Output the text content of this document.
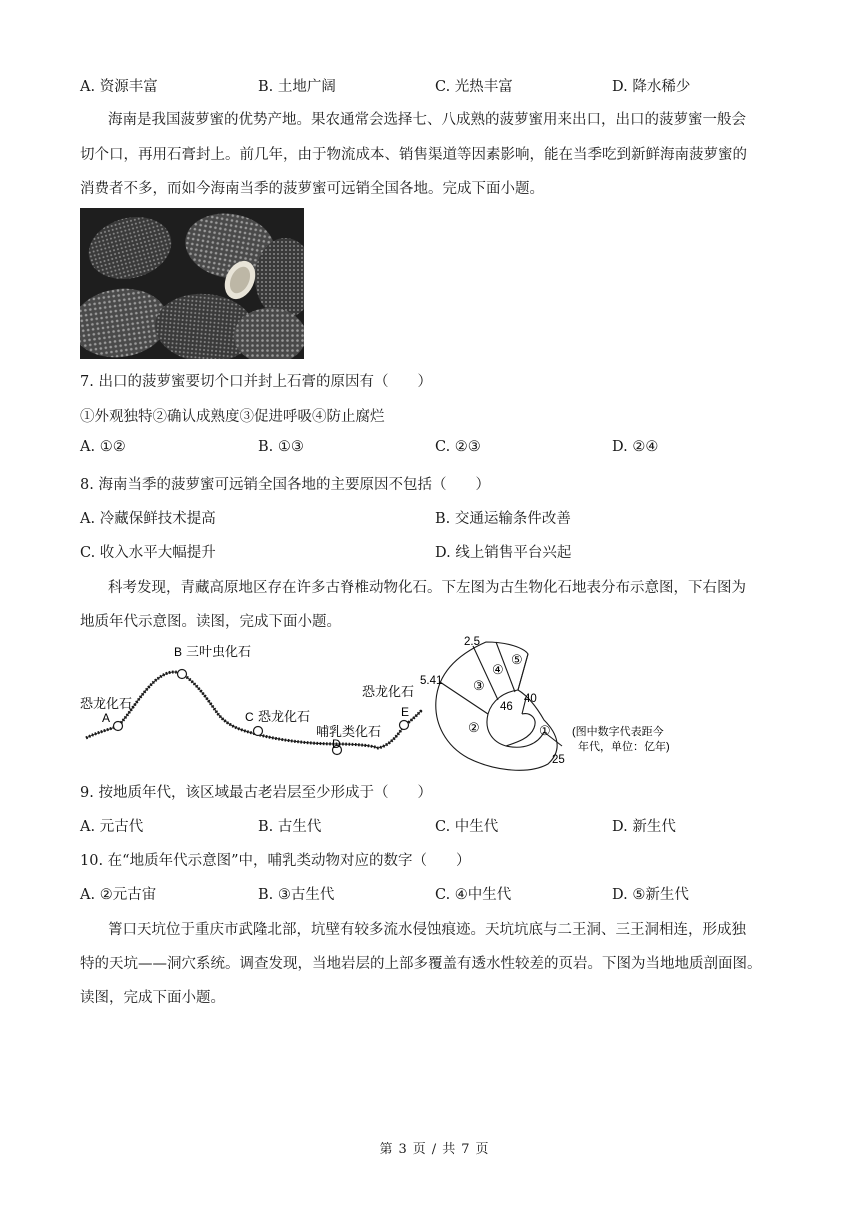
A. 资源丰富	B. 土地广阔	C. 光热丰富	D. 降水稀少
海南是我国菠萝蜜的优势产地。果农通常会选择七、八成熟的菠萝蜜用来出口，出口的菠萝蜜一般会
切个口，再用石膏封上。前几年，由于物流成本、销售渠道等因素影响，能在当季吃到新鲜海南菠萝蜜的
消费者不多，而如今海南当季的菠萝蜜可远销全国各地。完成下面小题。
7. 出口的菠萝蜜要切个口并封上石膏的原因有（　　）
①外观独特②确认成熟度③促进呼吸④防止腐烂
A. ①②	B. ①③	C. ②③	D. ②④
8. 海南当季的菠萝蜜可远销全国各地的主要原因不包括（　　）
A. 冷藏保鲜技术提高	B. 交通运输条件改善
C. 收入水平大幅提升	D. 线上销售平台兴起
科考发现，青藏高原地区存在许多古脊椎动物化石。下左图为古生物化石地表分布示意图，下右图为
地质年代示意图。读图，完成下面小题。
恐龙化石
A
B 三叶虫化石
C 恐龙化石
哺乳类化石
D
恐龙化石
E
2.5
5.41
40
46
25
①
②
③
④
⑤
(图中数字代表距今
年代，单位：亿年)
9. 按地质年代，该区域最古老岩层至少形成于（　　）
A. 元古代	B. 古生代	C. 中生代	D. 新生代
10. 在“地质年代示意图”中，哺乳类动物对应的数字（　　）
A. ②元古宙	B. ③古生代	C. ④中生代	D. ⑤新生代
箐口天坑位于重庆市武隆北部，坑壁有较多流水侵蚀痕迹。天坑坑底与二王洞、三王洞相连，形成独
特的天坑——洞穴系统。调查发现，当地岩层的上部多覆盖有透水性较差的页岩。下图为当地地质剖面图。
读图，完成下面小题。
第 3 页 / 共 7 页
